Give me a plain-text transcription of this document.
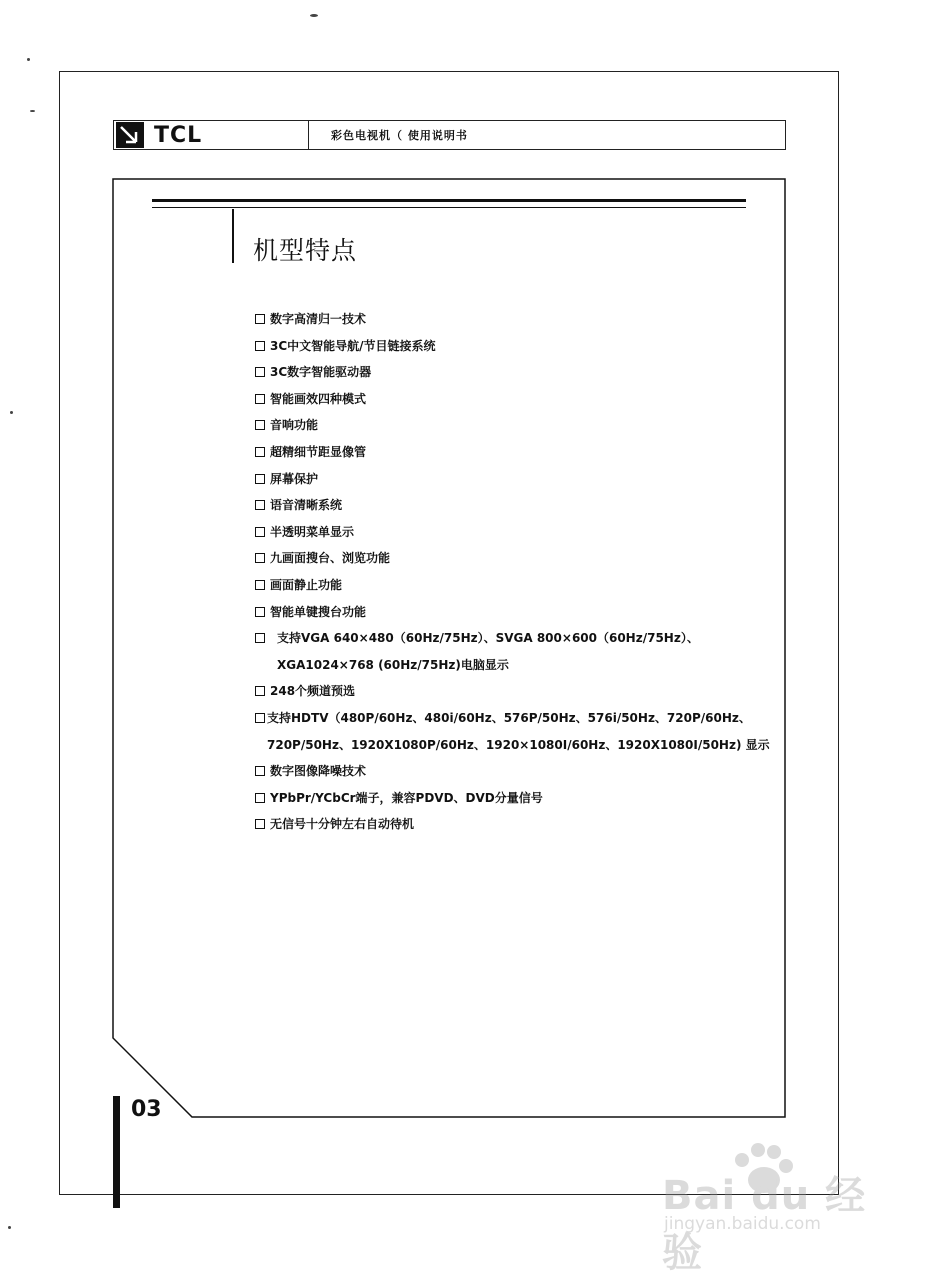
TCL	彩色电视机（ 使用说明书
机型特点
数字高清归一技术
3C中文智能导航/节目链接系统
3C数字智能驱动器
智能画效四种模式
音响功能
超精细节距显像管
屏幕保护
语音清晰系统
半透明菜单显示
九画面搜台、浏览功能
画面静止功能
智能单键搜台功能
支持VGA 640×480（60Hz/75Hz）、SVGA 800×600（60Hz/75Hz）、
XGA1024×768 (60Hz/75Hz)电脑显示
248个频道预选
支持HDTV（480P/60Hz、480i/60Hz、576P/50Hz、576i/50Hz、720P/60Hz、
720P/50Hz、1920X1080P/60Hz、1920×1080I/60Hz、1920X1080I/50Hz) 显示
数字图像降噪技术
YPbPr/YCbCr端子，兼容PDVD、DVD分量信号
无信号十分钟左右自动待机
03
Bai du 经验
jingyan.baidu.com
